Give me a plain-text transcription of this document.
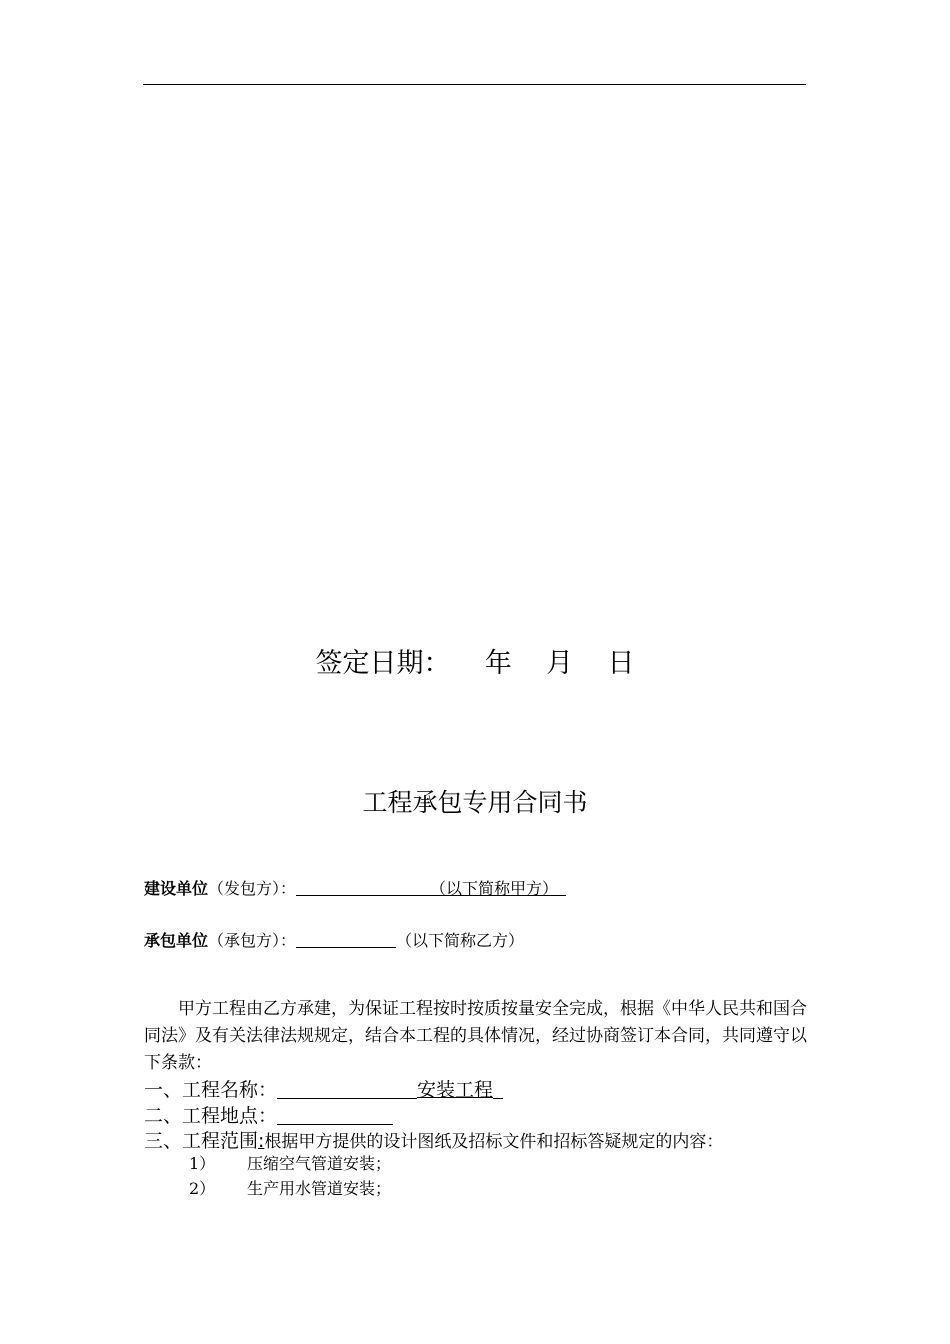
签定日期： 年 月 日
工程承包专用合同书
建设单位（发包方）：	（以下简称甲方）
承包单位（承包方）：	（以下简称乙方）
甲方工程由乙方承建，为保证工程按时按质按量安全完成，根据《中华人民共和国合同法》及有关法律法规规定，结合本工程的具体情况，经过协商签订本合同，共同遵守以下条款：
一、工程名称：	安装工程
二、工程地点：
三、工程范围:根据甲方提供的设计图纸及招标文件和招标答疑规定的内容：
1） 压缩空气管道安装；
2） 生产用水管道安装；
